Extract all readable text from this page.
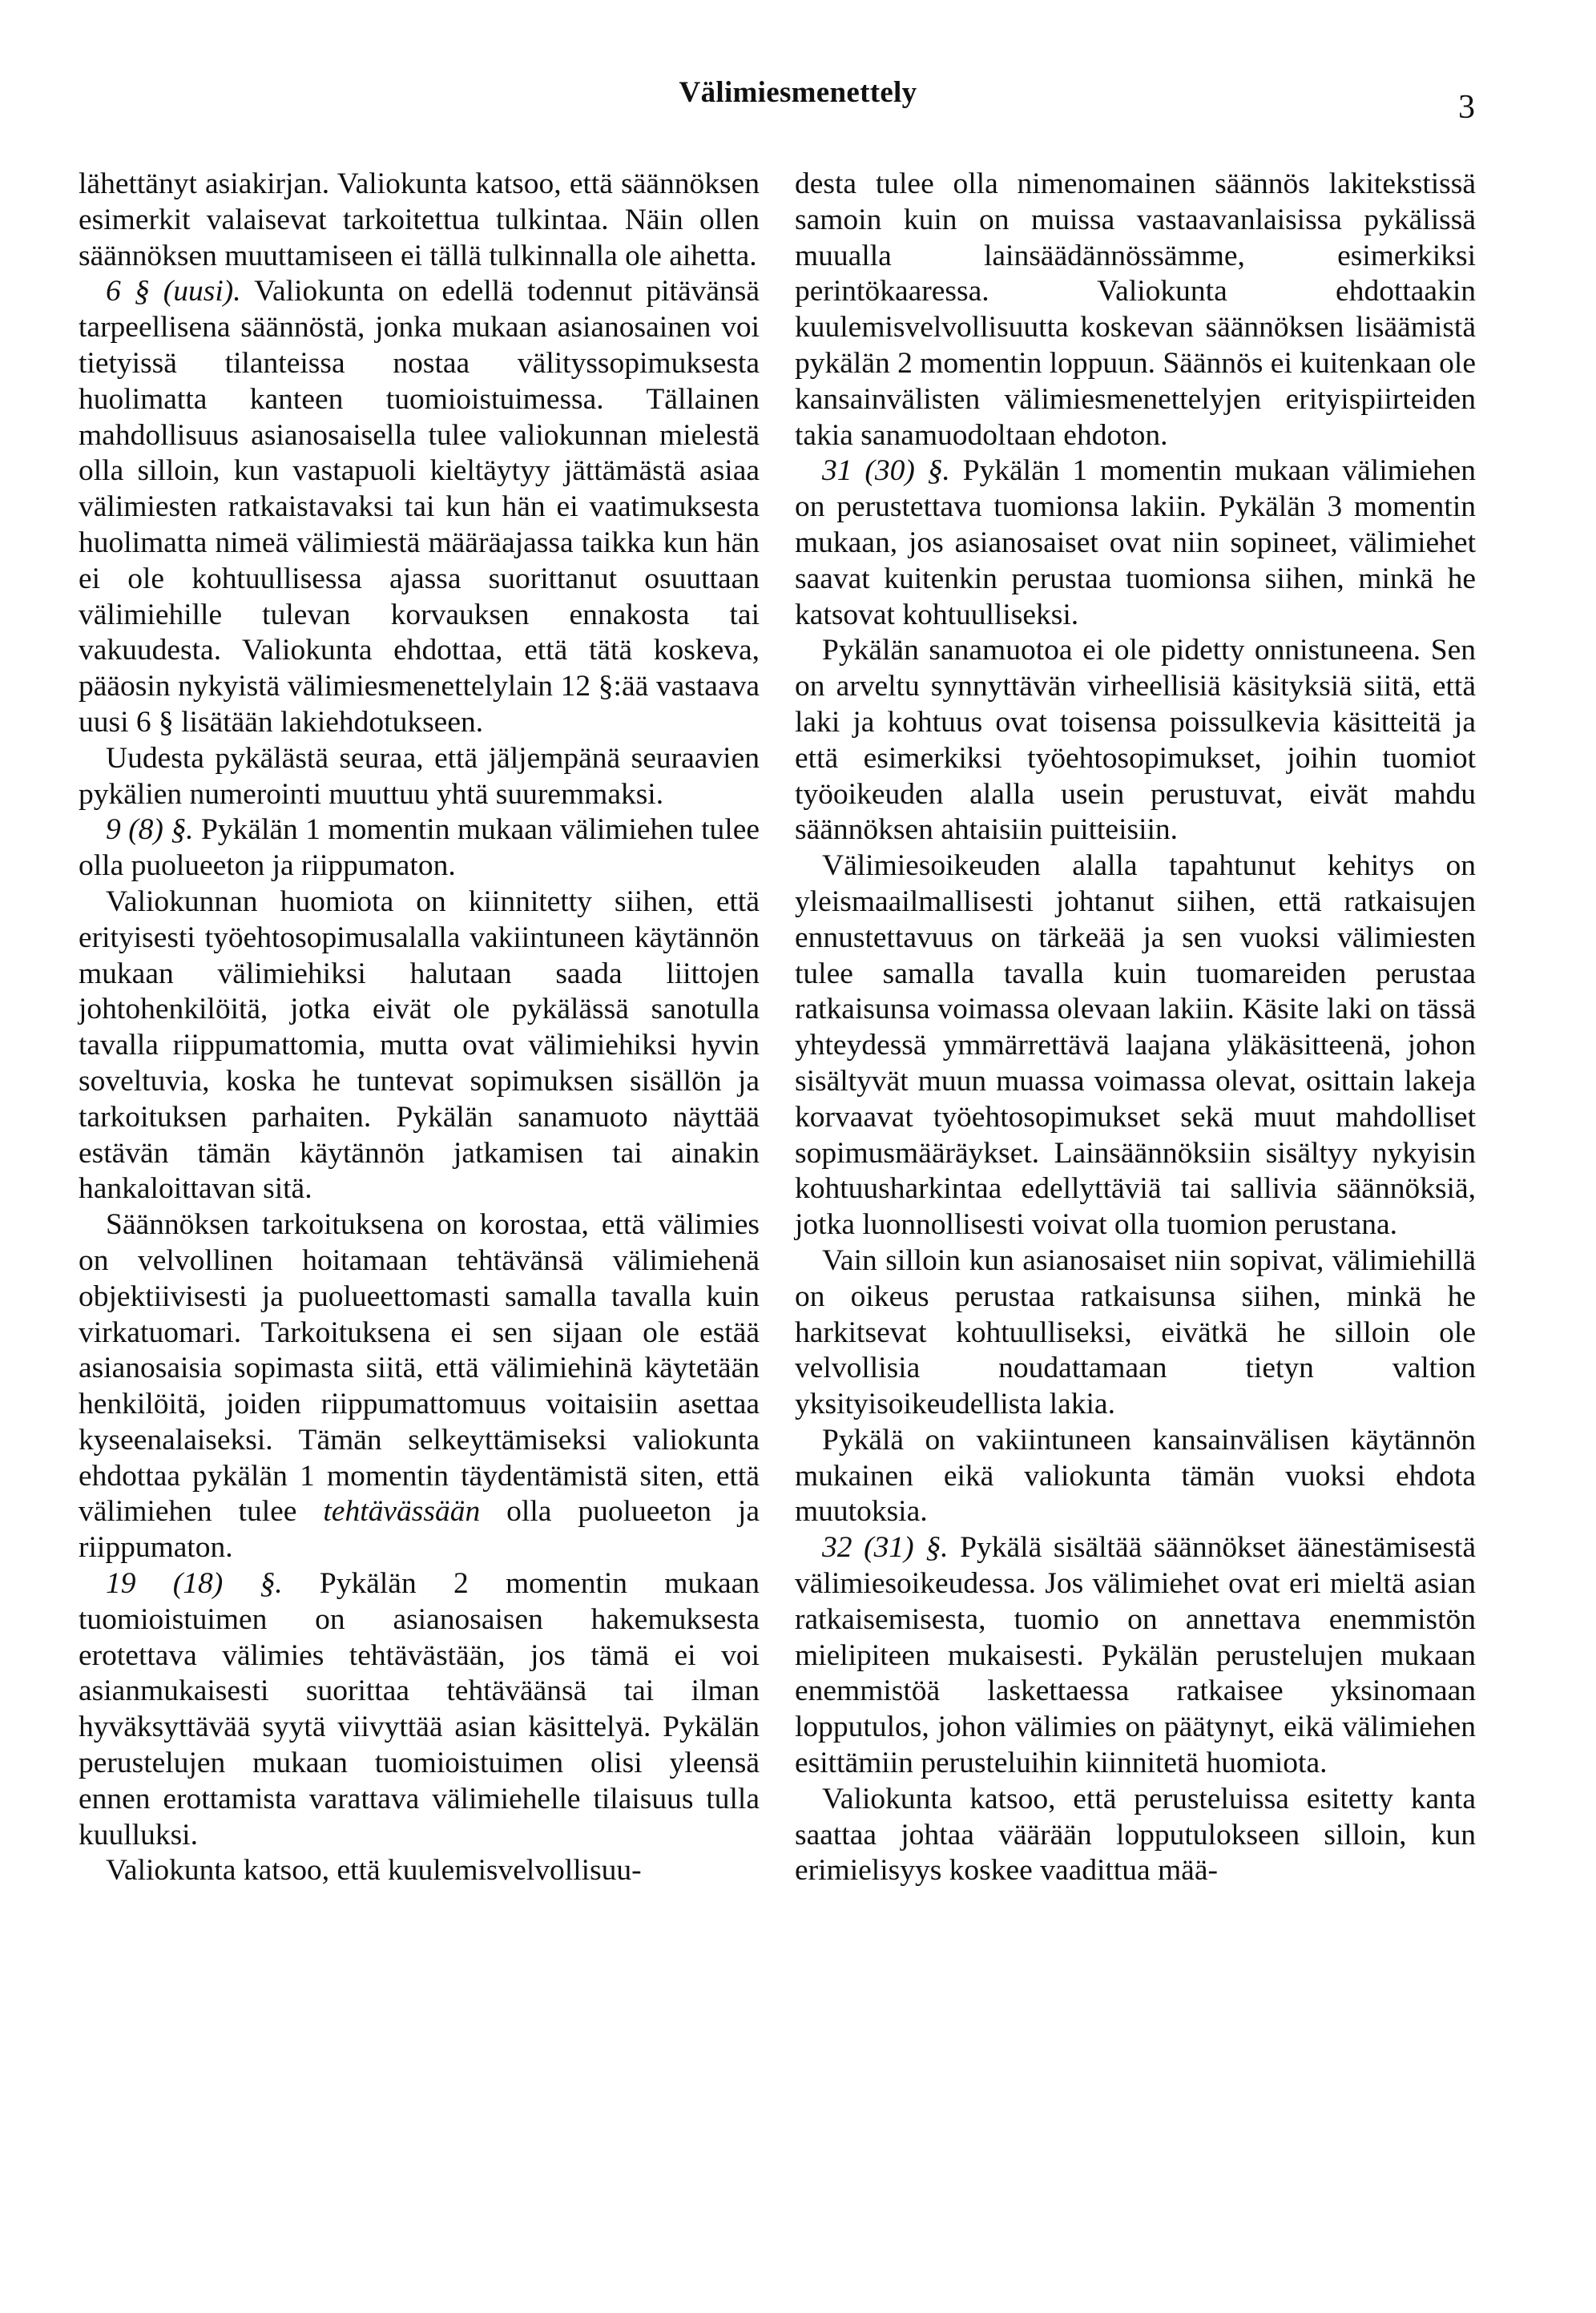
Välimiesmenettely	3

lähettänyt asiakirjan. Valiokunta katsoo, että säännöksen esimerkit valaisevat tarkoitettua tulkintaa. Näin ollen säännöksen muuttamiseen ei tällä tulkinnalla ole aihetta.

6 § (uusi). Valiokunta on edellä todennut pitävänsä tarpeellisena säännöstä, jonka mukaan asianosainen voi tietyissä tilanteissa nostaa välityssopimuksesta huolimatta kanteen tuomioistuimessa. Tällainen mahdollisuus asianosaisella tulee valiokunnan mielestä olla silloin, kun vastapuoli kieltäytyy jättämästä asiaa välimiesten ratkaistavaksi tai kun hän ei vaatimuksesta huolimatta nimeä välimiestä määräajassa taikka kun hän ei ole kohtuullisessa ajassa suorittanut osuuttaan välimiehille tulevan korvauksen ennakosta tai vakuudesta. Valiokunta ehdottaa, että tätä koskeva, pääosin nykyistä välimiesmenettelylain 12 §:ää vastaava uusi 6 § lisätään lakiehdotukseen.

Uudesta pykälästä seuraa, että jäljempänä seuraavien pykälien numerointi muuttuu yhtä suuremmaksi.

9 (8) §. Pykälän 1 momentin mukaan välimiehen tulee olla puolueeton ja riippumaton.

Valiokunnan huomiota on kiinnitetty siihen, että erityisesti työehtosopimusalalla vakiintuneen käytännön mukaan välimiehiksi halutaan saada liittojen johtohenkilöitä, jotka eivät ole pykälässä sanotulla tavalla riippumattomia, mutta ovat välimiehiksi hyvin soveltuvia, koska he tuntevat sopimuksen sisällön ja tarkoituksen parhaiten. Pykälän sanamuoto näyttää estävän tämän käytännön jatkamisen tai ainakin hankaloittavan sitä.

Säännöksen tarkoituksena on korostaa, että välimies on velvollinen hoitamaan tehtävänsä välimiehenä objektiivisesti ja puolueettomasti samalla tavalla kuin virkatuomari. Tarkoituksena ei sen sijaan ole estää asianosaisia sopimasta siitä, että välimiehinä käytetään henkilöitä, joiden riippumattomuus voitaisiin asettaa kyseenalaiseksi. Tämän selkeyttämiseksi valiokunta ehdottaa pykälän 1 momentin täydentämistä siten, että välimiehen tulee tehtävässään olla puolueeton ja riippumaton.

19 (18) §. Pykälän 2 momentin mukaan tuomioistuimen on asianosaisen hakemuksesta erotettava välimies tehtävästään, jos tämä ei voi asianmukaisesti suorittaa tehtäväänsä tai ilman hyväksyttävää syytä viivyttää asian käsittelyä. Pykälän perustelujen mukaan tuomioistuimen olisi yleensä ennen erottamista varattava välimiehelle tilaisuus tulla kuulluksi.

Valiokunta katsoo, että kuulemisvelvollisuu-

desta tulee olla nimenomainen säännös lakitekstissä samoin kuin on muissa vastaavanlaisissa pykälissä muualla lainsäädännössämme, esimerkiksi perintökaaressa. Valiokunta ehdottaakin kuulemisvelvollisuutta koskevan säännöksen lisäämistä pykälän 2 momentin loppuun. Säännös ei kuitenkaan ole kansainvälisten välimiesmenettelyjen erityispiirteiden takia sanamuodoltaan ehdoton.

31 (30) §. Pykälän 1 momentin mukaan välimiehen on perustettava tuomionsa lakiin. Pykälän 3 momentin mukaan, jos asianosaiset ovat niin sopineet, välimiehet saavat kuitenkin perustaa tuomionsa siihen, minkä he katsovat kohtuulliseksi.

Pykälän sanamuotoa ei ole pidetty onnistuneena. Sen on arveltu synnyttävän virheellisiä käsityksiä siitä, että laki ja kohtuus ovat toisensa poissulkevia käsitteitä ja että esimerkiksi työehtosopimukset, joihin tuomiot työoikeuden alalla usein perustuvat, eivät mahdu säännöksen ahtaisiin puitteisiin.

Välimiesoikeuden alalla tapahtunut kehitys on yleismaailmallisesti johtanut siihen, että ratkaisujen ennustettavuus on tärkeää ja sen vuoksi välimiesten tulee samalla tavalla kuin tuomareiden perustaa ratkaisunsa voimassa olevaan lakiin. Käsite laki on tässä yhteydessä ymmärrettävä laajana yläkäsitteenä, johon sisältyvät muun muassa voimassa olevat, osittain lakeja korvaavat työehtosopimukset sekä muut mahdolliset sopimusmääräykset. Lainsäännöksiin sisältyy nykyisin kohtuusharkintaa edellyttäviä tai sallivia säännöksiä, jotka luonnollisesti voivat olla tuomion perustana.

Vain silloin kun asianosaiset niin sopivat, välimiehillä on oikeus perustaa ratkaisunsa siihen, minkä he harkitsevat kohtuulliseksi, eivätkä he silloin ole velvollisia noudattamaan tietyn valtion yksityisoikeudellista lakia.

Pykälä on vakiintuneen kansainvälisen käytännön mukainen eikä valiokunta tämän vuoksi ehdota muutoksia.

32 (31) §. Pykälä sisältää säännökset äänestämisestä välimiesoikeudessa. Jos välimiehet ovat eri mieltä asian ratkaisemisesta, tuomio on annettava enemmistön mielipiteen mukaisesti. Pykälän perustelujen mukaan enemmistöä laskettaessa ratkaisee yksinomaan lopputulos, johon välimies on päätynyt, eikä välimiehen esittämiin perusteluihin kiinnitetä huomiota.

Valiokunta katsoo, että perusteluissa esitetty kanta saattaa johtaa väärään lopputulokseen silloin, kun erimielisyys koskee vaadittua mää-
